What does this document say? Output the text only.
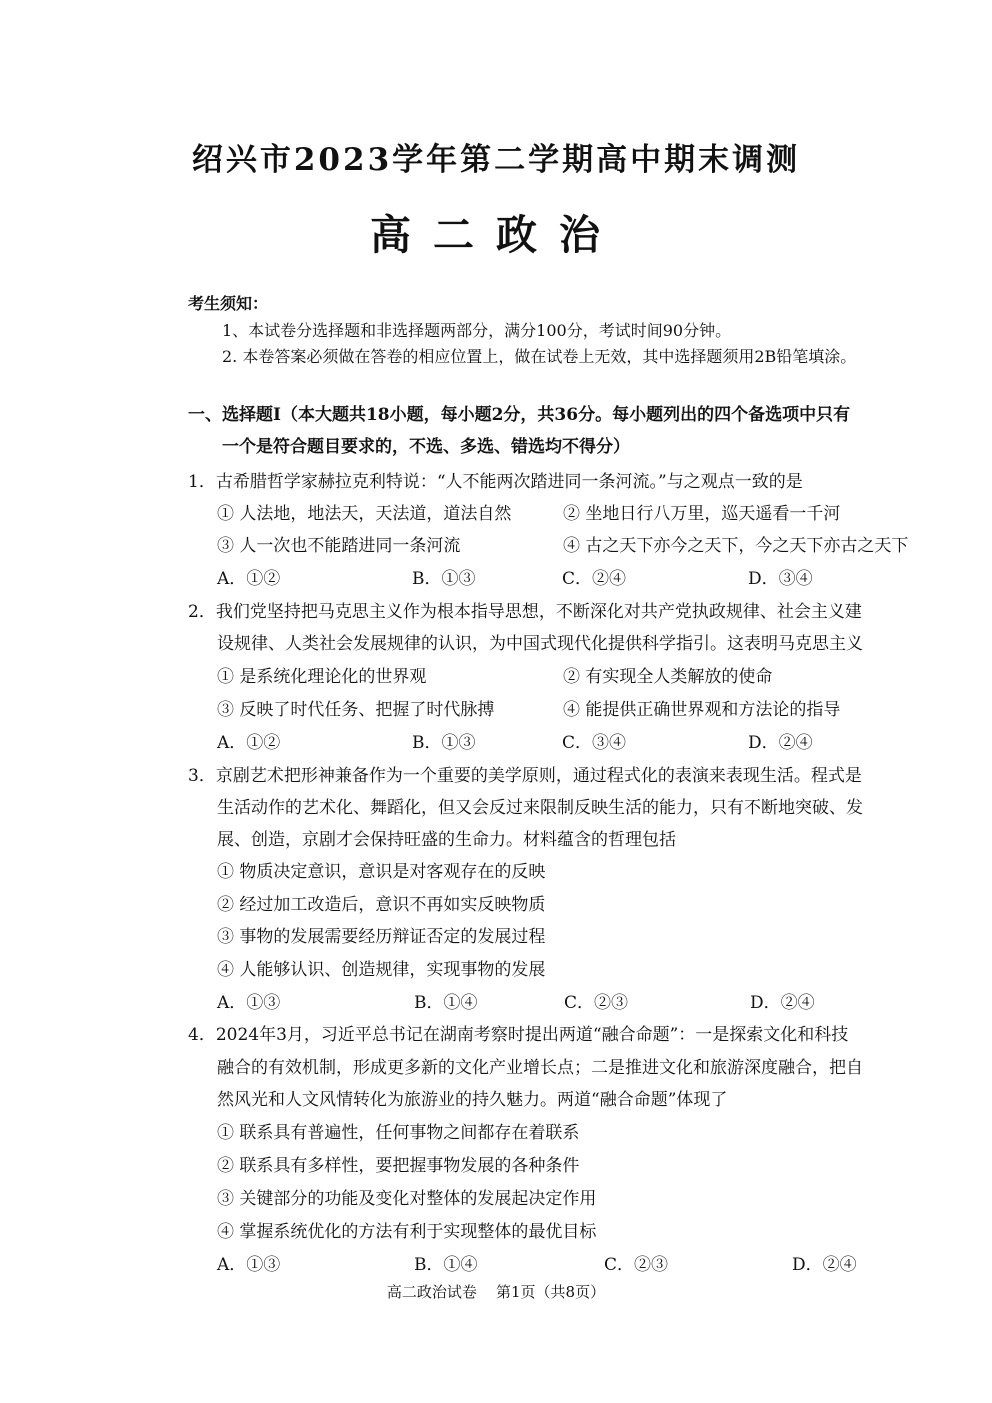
绍兴市2023学年第二学期高中期末调测
高二政治
考生须知：
1、本试卷分选择题和非选择题两部分，满分100分，考试时间90分钟。
2. 本卷答案必须做在答卷的相应位置上，做在试卷上无效，其中选择题须用2B铅笔填涂。
一、选择题Ⅰ（本大题共18小题，每小题2分，共36分。每小题列出的四个备选项中只有
一个是符合题目要求的，不选、多选、错选均不得分）
1．古希腊哲学家赫拉克利特说：“人不能两次踏进同一条河流。”与之观点一致的是
① 人法地，地法天，天法道，道法自然	② 坐地日行八万里，巡天遥看一千河
③ 人一次也不能踏进同一条河流	④ 古之天下亦今之天下，今之天下亦古之天下
A．①②	B．①③	C．②④	D．③④
2．我们党坚持把马克思主义作为根本指导思想，不断深化对共产党执政规律、社会主义建
设规律、人类社会发展规律的认识，为中国式现代化提供科学指引。这表明马克思主义
① 是系统化理论化的世界观	② 有实现全人类解放的使命
③ 反映了时代任务、把握了时代脉搏	④ 能提供正确世界观和方法论的指导
A．①②	B．①③	C．③④	D．②④
3．京剧艺术把形神兼备作为一个重要的美学原则，通过程式化的表演来表现生活。程式是
生活动作的艺术化、舞蹈化，但又会反过来限制反映生活的能力，只有不断地突破、发
展、创造，京剧才会保持旺盛的生命力。材料蕴含的哲理包括
① 物质决定意识，意识是对客观存在的反映
② 经过加工改造后，意识不再如实反映物质
③ 事物的发展需要经历辩证否定的发展过程
④ 人能够认识、创造规律，实现事物的发展
A．①③	B．①④	C．②③	D．②④
4．2024年3月，习近平总书记在湖南考察时提出两道“融合命题”：一是探索文化和科技
融合的有效机制，形成更多新的文化产业增长点；二是推进文化和旅游深度融合，把自
然风光和人文风情转化为旅游业的持久魅力。两道“融合命题”体现了
① 联系具有普遍性，任何事物之间都存在着联系
② 联系具有多样性，要把握事物发展的各种条件
③ 关键部分的功能及变化对整体的发展起决定作用
④ 掌握系统优化的方法有利于实现整体的最优目标
A．①③	B．①④	C．②③	D．②④
高二政治试卷    第1页（共8页）
